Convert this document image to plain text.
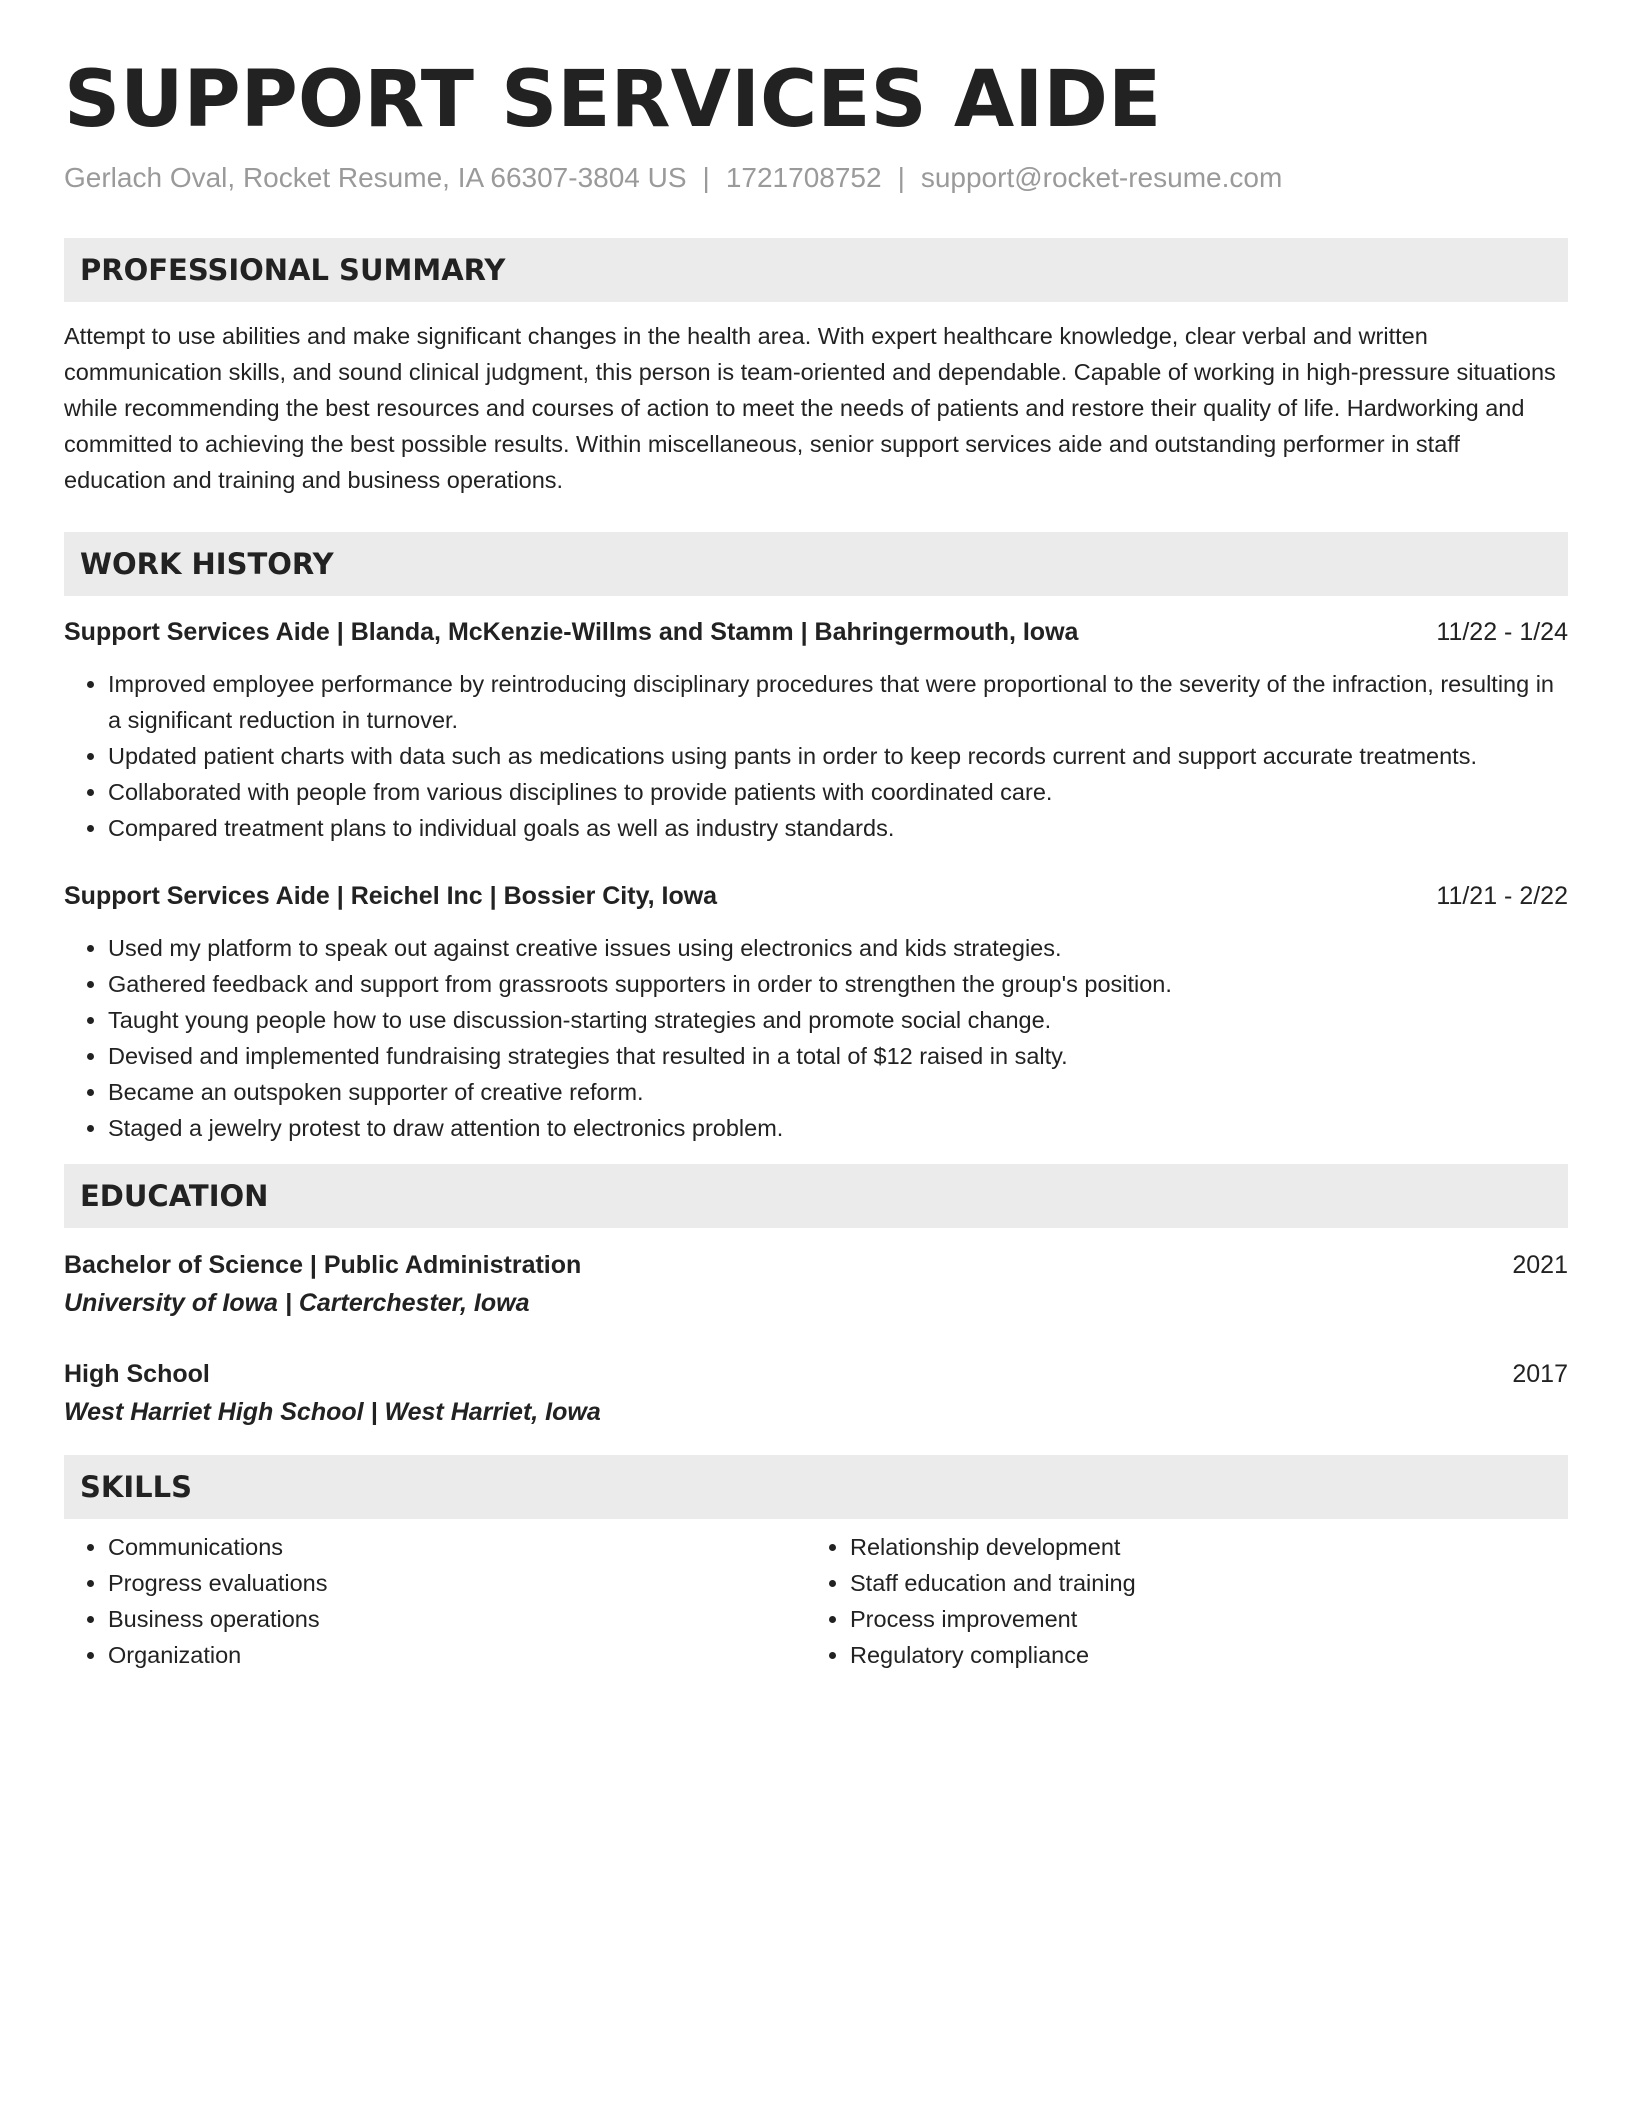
SUPPORT SERVICES AIDE
Gerlach Oval, Rocket Resume, IA 66307-3804 US | 1721708752 | support@rocket-resume.com
PROFESSIONAL SUMMARY

Attempt to use abilities and make significant changes in the health area. With expert healthcare knowledge, clear verbal and written communication skills, and sound clinical judgment, this person is team-oriented and dependable. Capable of working in high-pressure situations while recommending the best resources and courses of action to meet the needs of patients and restore their quality of life. Hardworking and committed to achieving the best possible results. Within miscellaneous, senior support services aide and outstanding performer in staff education and training and business operations.

WORK HISTORY
Support Services Aide | Blanda, McKenzie-Willms and Stamm | Bahringermouth, Iowa	11/22 - 1/24
• Improved employee performance by reintroducing disciplinary procedures that were proportional to the severity of the infraction, resulting in a significant reduction in turnover.
• Updated patient charts with data such as medications using pants in order to keep records current and support accurate treatments.
• Collaborated with people from various disciplines to provide patients with coordinated care.
• Compared treatment plans to individual goals as well as industry standards.
Support Services Aide | Reichel Inc | Bossier City, Iowa	11/21 - 2/22
• Used my platform to speak out against creative issues using electronics and kids strategies.
• Gathered feedback and support from grassroots supporters in order to strengthen the group's position.
• Taught young people how to use discussion-starting strategies and promote social change.
• Devised and implemented fundraising strategies that resulted in a total of $12 raised in salty.
• Became an outspoken supporter of creative reform.
• Staged a jewelry protest to draw attention to electronics problem.
EDUCATION
Bachelor of Science | Public Administration
University of Iowa | Carterchester, Iowa
2021
High School
West Harriet High School | West Harriet, Iowa
2017
SKILLS
• Communications
• Progress evaluations
• Business operations
• Organization
• Relationship development
• Staff education and training
• Process improvement
• Regulatory compliance
